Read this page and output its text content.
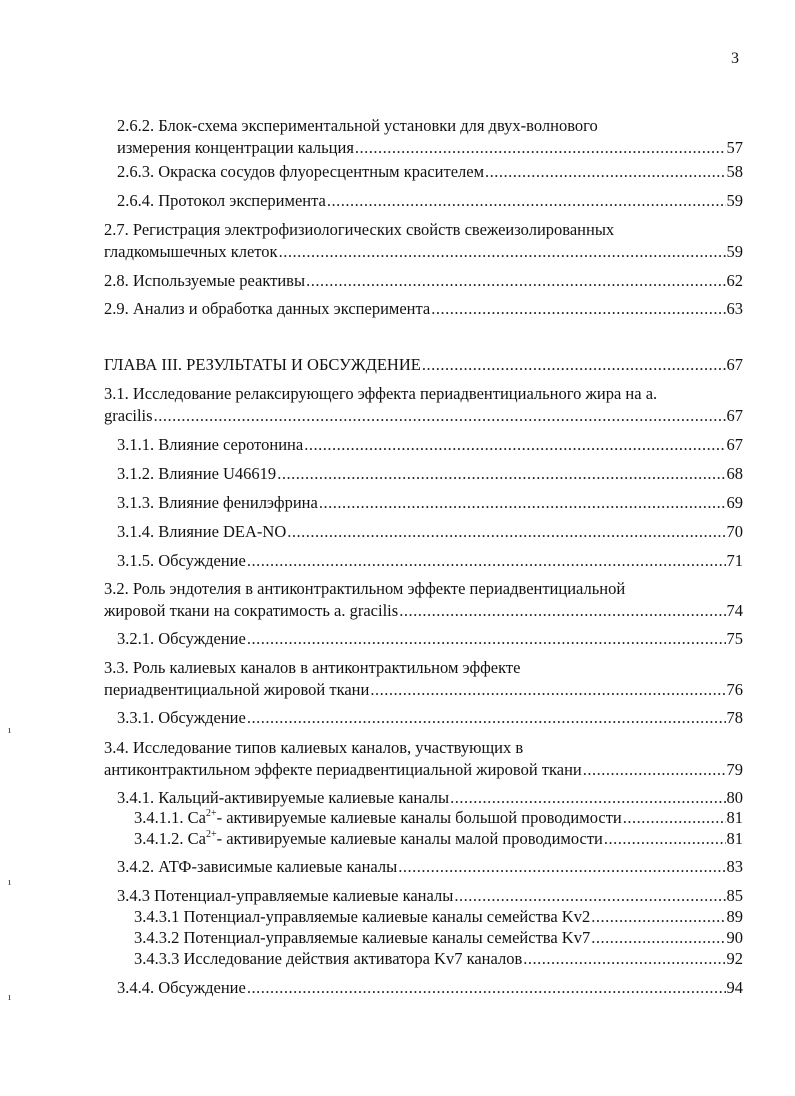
3
2.6.2. Блок-схема экспериментальной установки для двух-волнового
измерения концентрации кальция .....	57
2.6.3. Окраска сосудов флуоресцентным красителем .....	58
2.6.4. Протокол эксперимента .....	59
2.7. Регистрация электрофизиологических свойств свежеизолированных
гладкомышечных клеток .....	59
2.8. Используемые реактивы .....	62
2.9. Анализ и обработка данных эксперимента .....	63
ГЛАВА III. РЕЗУЛЬТАТЫ И ОБСУЖДЕНИЕ .....	67
3.1. Исследование релаксирующего эффекта периадвентициального жира на a.
gracilis .....	67
3.1.1. Влияние серотонина .....	67
3.1.2. Влияние U46619 .....	68
3.1.3. Влияние фенилэфрина .....	69
3.1.4. Влияние DEA-NO .....	70
3.1.5. Обсуждение .....	71
3.2. Роль эндотелия в антиконтрактильном эффекте периадвентициальной
жировой ткани на сократимость a. gracilis .....	74
3.2.1. Обсуждение .....	75
3.3. Роль калиевых каналов в антиконтрактильном эффекте
периадвентициальной жировой ткани .....	76
3.3.1. Обсуждение .....	78
3.4. Исследование типов калиевых каналов, участвующих в
антиконтрактильном эффекте периадвентициальной жировой ткани .....	79
3.4.1. Кальций-активируемые калиевые каналы .....	80
3.4.1.1. $Ca^{2+}-$ активируемые калиевые каналы большой проводимости .....	81
3.4.1.2. $Ca^{2+}-$ активируемые калиевые каналы малой проводимости .....	81
3.4.2. АТФ-зависимые калиевые каналы .....	83
3.4.3 Потенциал-управляемые калиевые каналы .....	85
3.4.3.1 Потенциал-управляемые калиевые каналы семейства Kv2 .....	89
3.4.3.2 Потенциал-управляемые калиевые каналы семейства Kv7 .....	90
3.4.3.3 Исследование действия активатора Kv7 каналов .....	92
3.4.4. Обсуждение .....	94
ı
ı
ı
